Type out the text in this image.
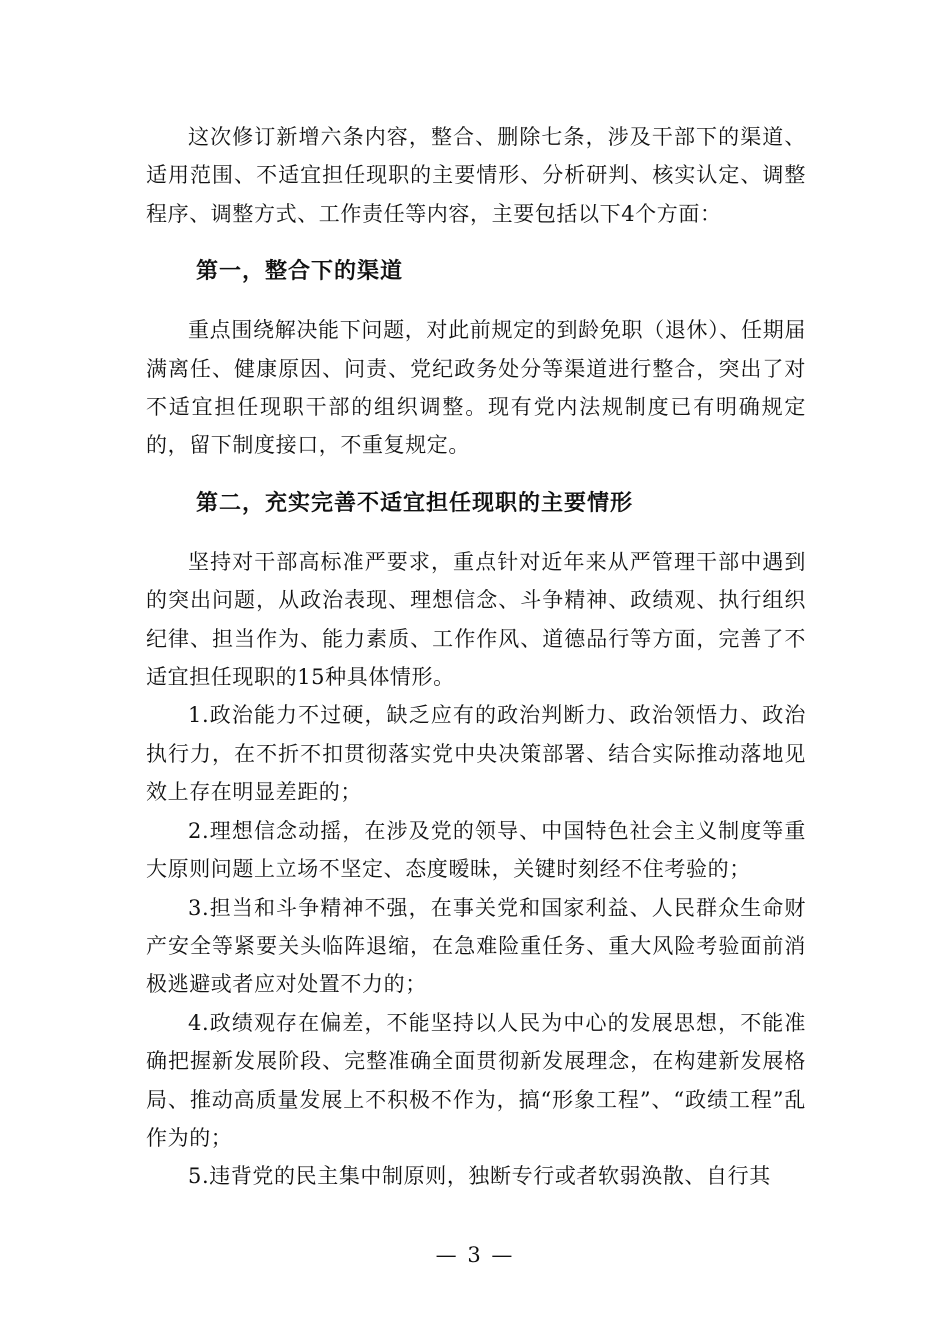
这次修订新增六条内容，整合、删除七条，涉及干部下的渠道、适用范围、不适宜担任现职的主要情形、分析研判、核实认定、调整程序、调整方式、工作责任等内容，主要包括以下4个方面：

第一，整合下的渠道

重点围绕解决能下问题，对此前规定的到龄免职（退休）、任期届满离任、健康原因、问责、党纪政务处分等渠道进行整合，突出了对不适宜担任现职干部的组织调整。现有党内法规制度已有明确规定的，留下制度接口，不重复规定。

第二，充实完善不适宜担任现职的主要情形

坚持对干部高标准严要求，重点针对近年来从严管理干部中遇到的突出问题，从政治表现、理想信念、斗争精神、政绩观、执行组织纪律、担当作为、能力素质、工作作风、道德品行等方面，完善了不适宜担任现职的15种具体情形。

1.政治能力不过硬，缺乏应有的政治判断力、政治领悟力、政治执行力，在不折不扣贯彻落实党中央决策部署、结合实际推动落地见效上存在明显差距的；

2.理想信念动摇，在涉及党的领导、中国特色社会主义制度等重大原则问题上立场不坚定、态度暧昧，关键时刻经不住考验的；

3.担当和斗争精神不强，在事关党和国家利益、人民群众生命财产安全等紧要关头临阵退缩，在急难险重任务、重大风险考验面前消极逃避或者应对处置不力的；

4.政绩观存在偏差，不能坚持以人民为中心的发展思想，不能准确把握新发展阶段、完整准确全面贯彻新发展理念，在构建新发展格局、推动高质量发展上不积极不作为，搞“形象工程”、“政绩工程”乱作为的；

5.违背党的民主集中制原则，独断专行或者软弱涣散、自行其

— 3 —
